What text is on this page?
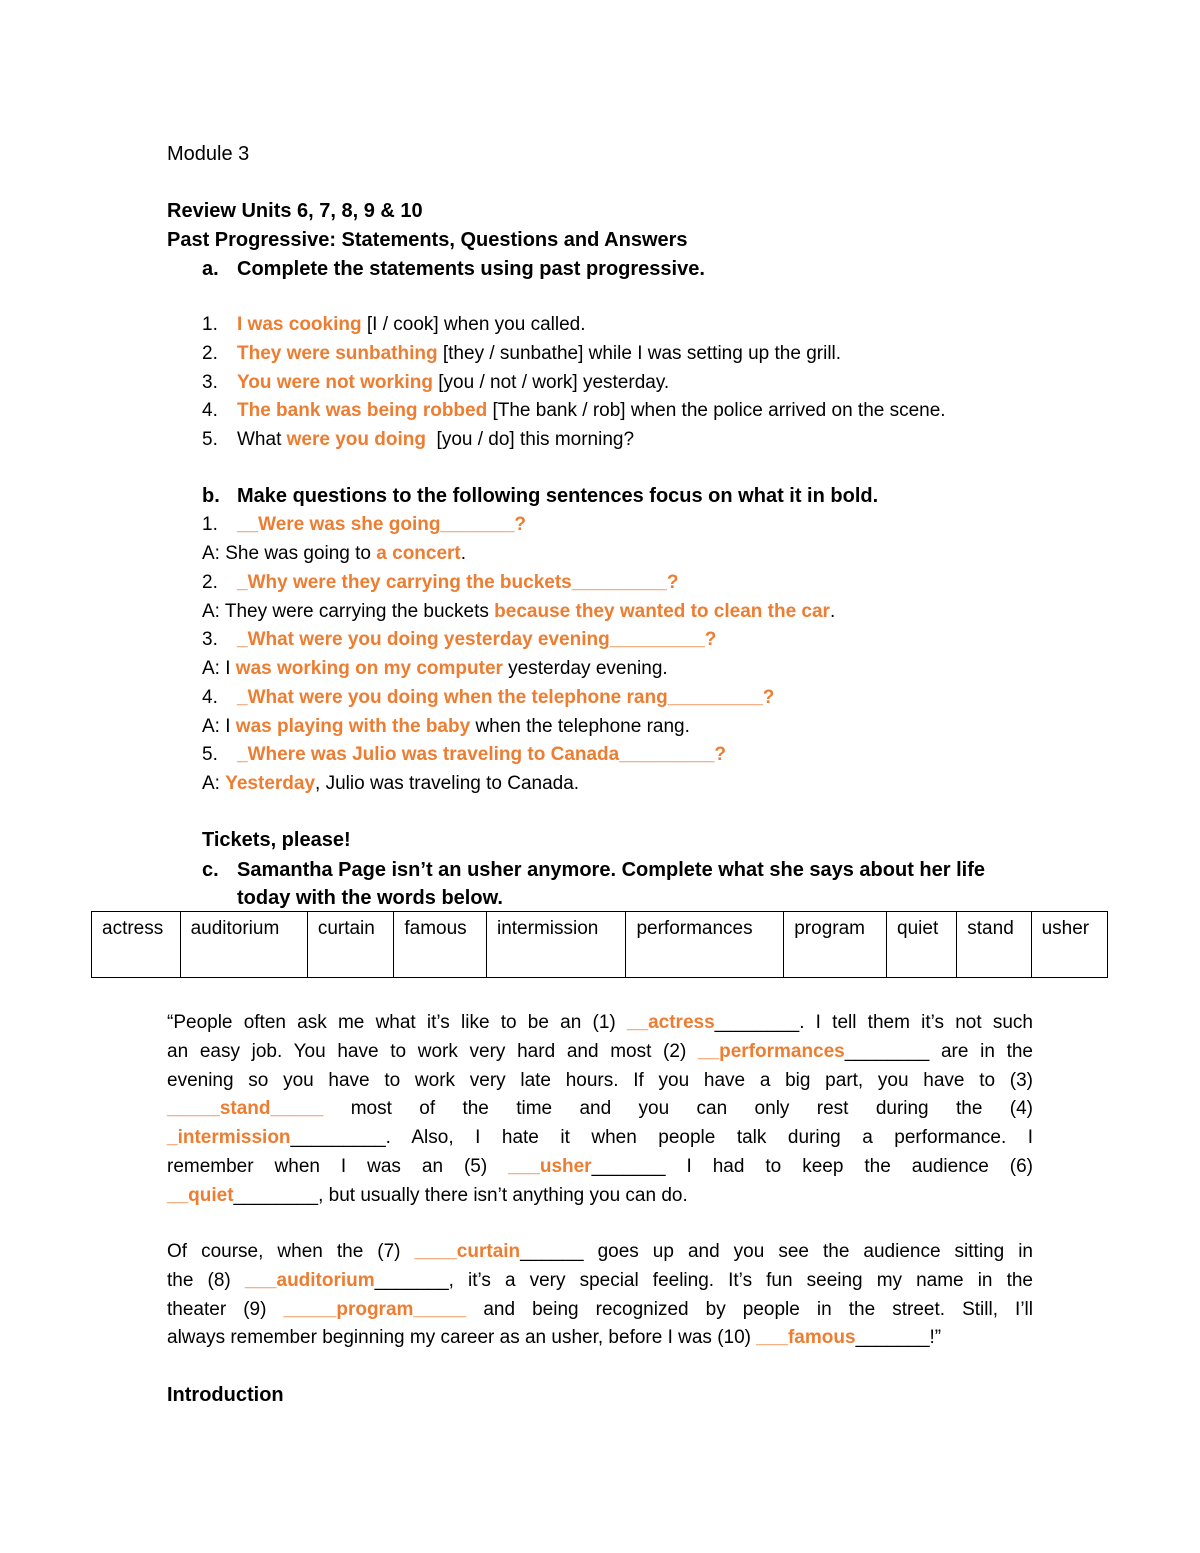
Module 3
Review Units 6, 7, 8, 9 & 10
Past Progressive: Statements, Questions and Answers
a. Complete the statements using past progressive.
1. I was cooking [I / cook] when you called.
2. They were sunbathing [they / sunbathe] while I was setting up the grill.
3. You were not working [you / not / work] yesterday.
4. The bank was being robbed [The bank / rob] when the police arrived on the scene.
5. What were you doing  [you / do] this morning?
b. Make questions to the following sentences focus on what it in bold.
1. __Were was she going_______?
A: She was going to a concert.
2. _Why were they carrying the buckets_________?
A: They were carrying the buckets because they wanted to clean the car.
3. _What were you doing yesterday evening_________?
A: I was working on my computer yesterday evening.
4. _What were you doing when the telephone rang_________?
A: I was playing with the baby when the telephone rang.
5. _Where was Julio was traveling to Canada_________?
A: Yesterday, Julio was traveling to Canada.
Tickets, please!
c. Samantha Page isn’t an usher anymore. Complete what she says about her life
today with the words below.
actress	auditorium	curtain	famous	intermission	performances	program	quiet	stand	usher
“People often ask me what it’s like to be an (1) __actress________. I tell them it’s not such
an easy job. You have to work very hard and most (2) __performances________ are in the
evening so you have to work very late hours. If you have a big part, you have to (3)
_____stand_____ most of the time and you can only rest during the (4)
_intermission_________. Also, I hate it when people talk during a performance. I
remember when I was an (5) ___usher_______ I had to keep the audience (6)
__quiet________, but usually there isn’t anything you can do.
Of course, when the (7) ____curtain______ goes up and you see the audience sitting in
the (8) ___auditorium_______, it’s a very special feeling. It’s fun seeing my name in the
theater (9) _____program_____ and being recognized by people in the street. Still, I’ll
always remember beginning my career as an usher, before I was (10) ___famous_______!”
Introduction
